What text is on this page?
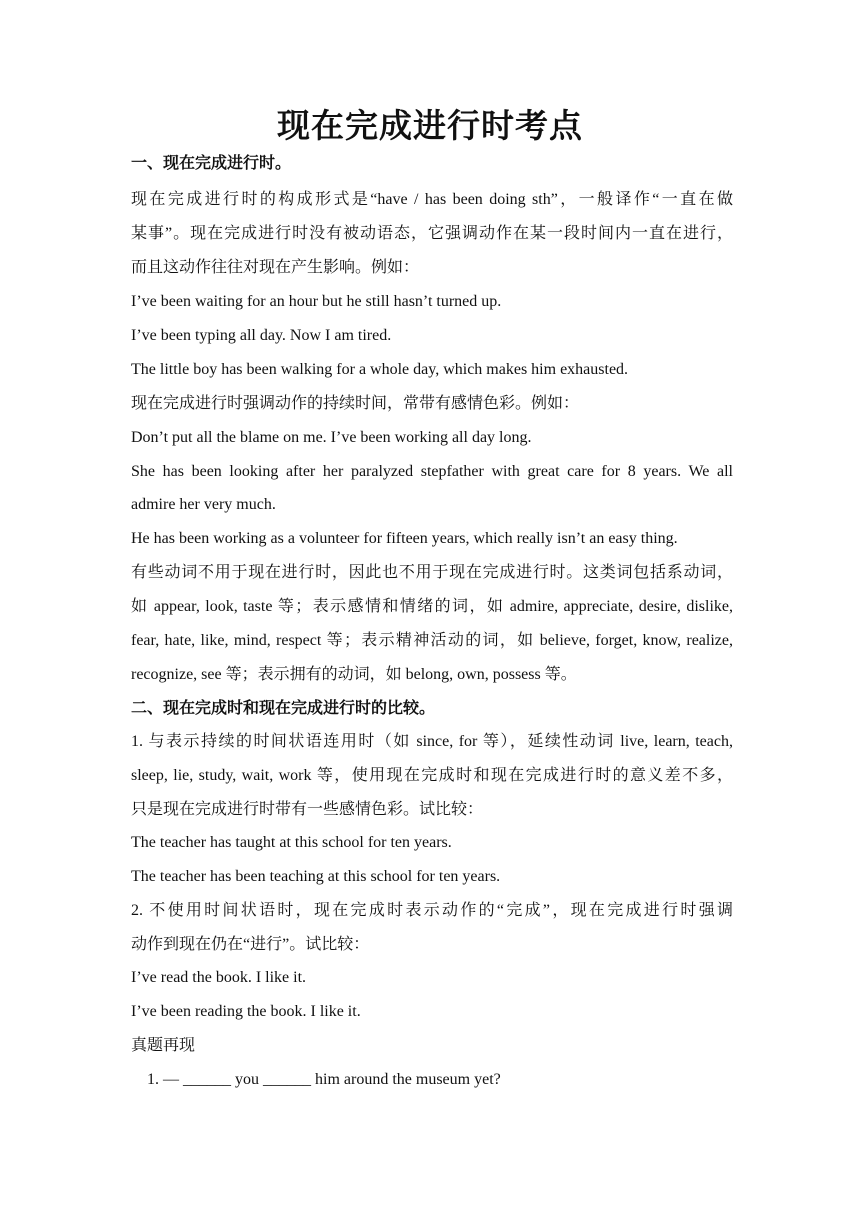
现在完成进行时考点
一、现在完成进行时。
现在完成进行时的构成形式是“have / has been doing sth”，一般译作“一直在做
某事”。现在完成进行时没有被动语态，它强调动作在某一段时间内一直在进行，
而且这动作往往对现在产生影响。例如：
I’ve been waiting for an hour but he still hasn’t turned up.
I’ve been typing all day. Now I am tired.
The little boy has been walking for a whole day, which makes him exhausted.
现在完成进行时强调动作的持续时间，常带有感情色彩。例如：
Don’t put all the blame on me. I’ve been working all day long.
She has been looking after her paralyzed stepfather with great care for 8 years. We all
admire her very much.
He has been working as a volunteer for fifteen years, which really isn’t an easy thing.
有些动词不用于现在进行时，因此也不用于现在完成进行时。这类词包括系动词，
如 appear, look, taste 等；表示感情和情绪的词，如 admire, appreciate, desire, dislike,
fear, hate, like, mind, respect 等；表示精神活动的词，如 believe, forget, know, realize,
recognize, see 等；表示拥有的动词，如 belong, own, possess 等。
二、现在完成时和现在完成进行时的比较。
1. 与表示持续的时间状语连用时（如 since, for 等），延续性动词 live, learn, teach,
sleep, lie, study, wait, work 等，使用现在完成时和现在完成进行时的意义差不多，
只是现在完成进行时带有一些感情色彩。试比较：
The teacher has taught at this school for ten years.
The teacher has been teaching at this school for ten years.
2. 不使用时间状语时，现在完成时表示动作的“完成”，现在完成进行时强调
动作到现在仍在“进行”。试比较：
I’ve read the book. I like it.
I’ve been reading the book. I like it.
真题再现
1. — ______ you ______ him around the museum yet?
